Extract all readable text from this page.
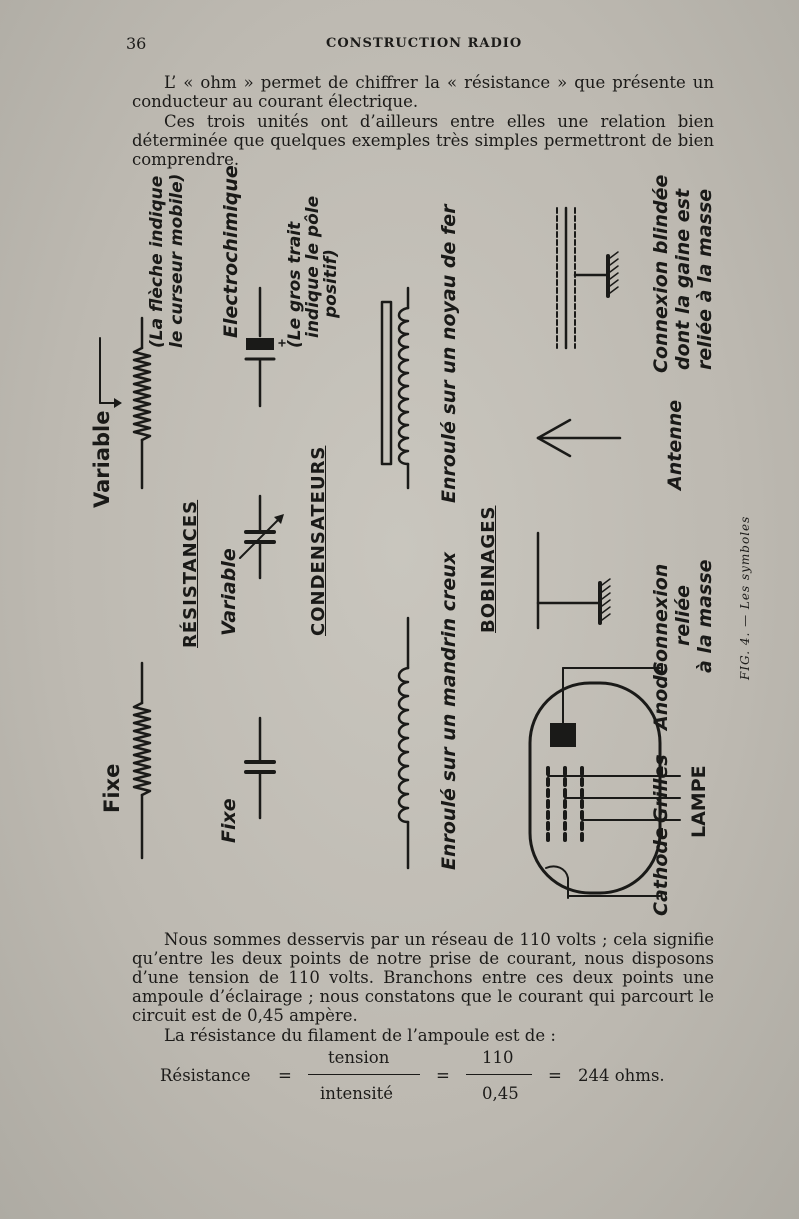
36	CONSTRUCTION RADIO
L’ « ohm » permet de chiffrer la « résistance » que présente un conducteur au courant électrique.
Ces trois unités ont d’ailleurs entre elles une relation bien déterminée que quelques exemples très simples permettront de bien comprendre.
Fixe
Variable
(La flèche indique le curseur mobile)
RÉSISTANCES
Fixe
Variable	CONDENSATEURS
Electrochimique	(Le gros trait
indique le pôle
positif)
Enroulé sur un mandrin creux
Enroulé sur un noyau de fer
BOBINAGES	Connexion reliée à la masse
Antenne
Connexion blindée dont la gaine est reliée à la masse
Cathode
Grilles
Anode
LAMPE
FIG. 4. — Les symboles
Nous sommes desservis par un réseau de 110 volts ; cela signifie qu’entre les deux points de notre prise de courant, nous disposons d’une tension de 110 volts. Branchons entre ces deux points une ampoule d’éclairage ; nous constatons que le courant qui parcourt le circuit est de 0,45 ampère.
La résistance du filament de l’ampoule est de :
Résistance =
tension
intensité
=
110
0,45
= 244 ohms.
